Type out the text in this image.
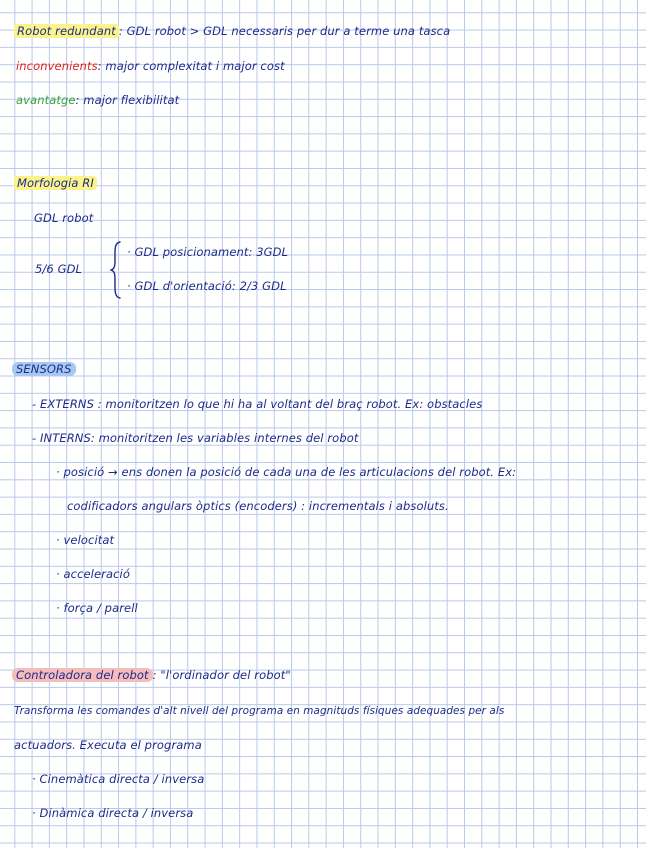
Robot redundant : GDL robot > GDL necessaris per dur a terme una tasca
inconvenients: major complexitat i major cost
avantatge: major flexibilitat
Morfologia RI
GDL robot
5/6 GDL
· GDL posicionament: 3GDL
· GDL d'orientació: 2/3 GDL
SENSORS
- EXTERNS : monitoritzen lo que hi ha al voltant del braç robot. Ex: obstacles
- INTERNS: monitoritzen les variables internes del robot
· posició → ens donen la posició de cada una de les articulacions del robot. Ex:
codificadors angulars òptics (encoders) : incrementals i absoluts.
· velocitat
· acceleració
· força / parell
Controladora del robot : "l'ordinador del robot"
Transforma les comandes d'alt nivell del programa en magnituds físiques adequades per als
actuadors. Executa el programa
· Cinemàtica directa / inversa
· Dinàmica directa / inversa
